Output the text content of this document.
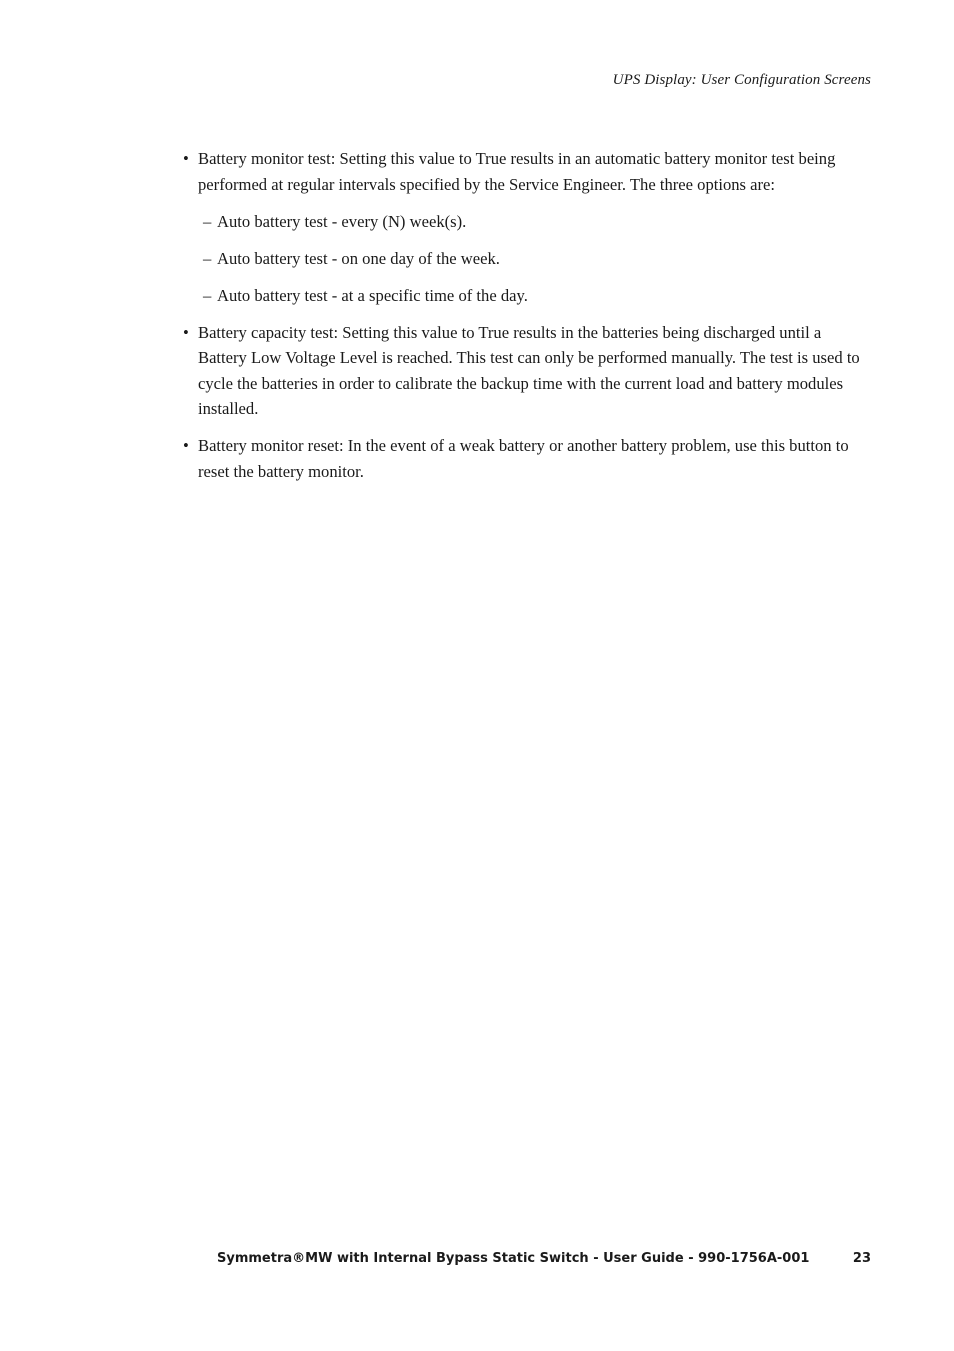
UPS Display: User Configuration Screens
• Battery monitor test: Setting this value to True results in an automatic battery monitor test being performed at regular intervals specified by the Service Engineer. The three options are:
– Auto battery test - every (N) week(s).
– Auto battery test - on one day of the week.
– Auto battery test - at a specific time of the day.
• Battery capacity test: Setting this value to True results in the batteries being discharged until a Battery Low Voltage Level is reached. This test can only be performed manually. The test is used to cycle the batteries in order to calibrate the backup time with the current load and battery modules installed.
• Battery monitor reset: In the event of a weak battery or another battery problem, use this button to reset the battery monitor.
Symmetra®MW with Internal Bypass Static Switch - User Guide - 990-1756A-001	23
